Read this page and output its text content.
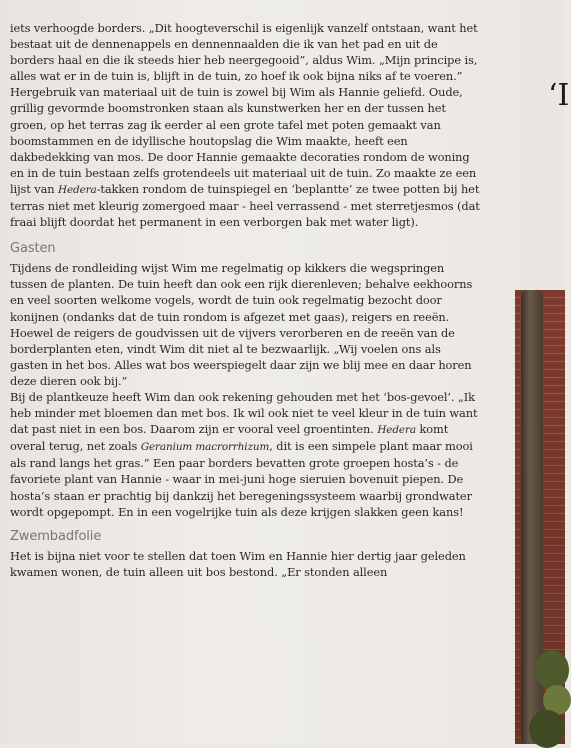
iets verhoogde borders. „Dit hoogteverschil is eigenlijk vanzelf ontstaan, want het bestaat uit de dennenappels en dennennaalden die ik van het pad en uit de borders haal en die ik steeds hier heb neergegooid”, aldus Wim. „Mijn principe is, alles wat er in de tuin is, blijft in de tuin, zo hoef ik ook bijna niks af te voeren.”

Hergebruik van materiaal uit de tuin is zowel bij Wim als Hannie geliefd. Oude, grillig gevormde boomstronken staan als kunstwerken her en der tussen het groen, op het terras zag ik eerder al een grote tafel met poten gemaakt van boomstammen en de idyllische houtopslag die Wim maakte, heeft een dakbedekking van mos. De door Hannie gemaakte decoraties rondom de woning en in de tuin bestaan zelfs grotendeels uit materiaal uit de tuin. Zo maakte ze een lijst van Hedera-takken rondom de tuinspiegel en ‘beplantte’ ze twee potten bij het terras niet met kleurig zomergoed maar - heel verrassend - met sterretjesmos (dat fraai blijft doordat het permanent in een verborgen bak met water ligt).

Gasten

Tijdens de rondleiding wijst Wim me regelmatig op kikkers die wegspringen tussen de planten. De tuin heeft dan ook een rijk dierenleven; behalve eekhoorns en veel soorten welkome vogels, wordt de tuin ook regelmatig bezocht door konijnen (ondanks dat de tuin rondom is afgezet met gaas), reigers en reeën. Hoewel de reigers de goudvissen uit de vijvers verorberen en de reeën van de borderplanten eten, vindt Wim dit niet al te bezwaarlijk. „Wij voelen ons als gasten in het bos. Alles wat bos weerspiegelt daar zijn we blij mee en daar horen deze dieren ook bij.”

Bij de plantkeuze heeft Wim dan ook rekening gehouden met het ‘bos-gevoel’. „Ik heb minder met bloemen dan met bos. Ik wil ook niet te veel kleur in de tuin want dat past niet in een bos. Daarom zijn er vooral veel groentinten. Hedera komt overal terug, net zoals Geranium macrorrhizum, dit is een simpele plant maar mooi als rand langs het gras.” Een paar borders bevatten grote groepen hosta’s - de favoriete plant van Hannie - waar in mei-juni hoge sieruien bovenuit piepen. De hosta’s staan er prachtig bij dankzij het beregeningssysteem waarbij grondwater wordt opgepompt. En in een vogelrijke tuin als deze krijgen slakken geen kans!

Zwembadfolie

Het is bijna niet voor te stellen dat toen Wim en Hannie hier dertig jaar geleden kwamen wonen, de tuin alleen uit bos bestond. „Er stonden alleen

‘I
